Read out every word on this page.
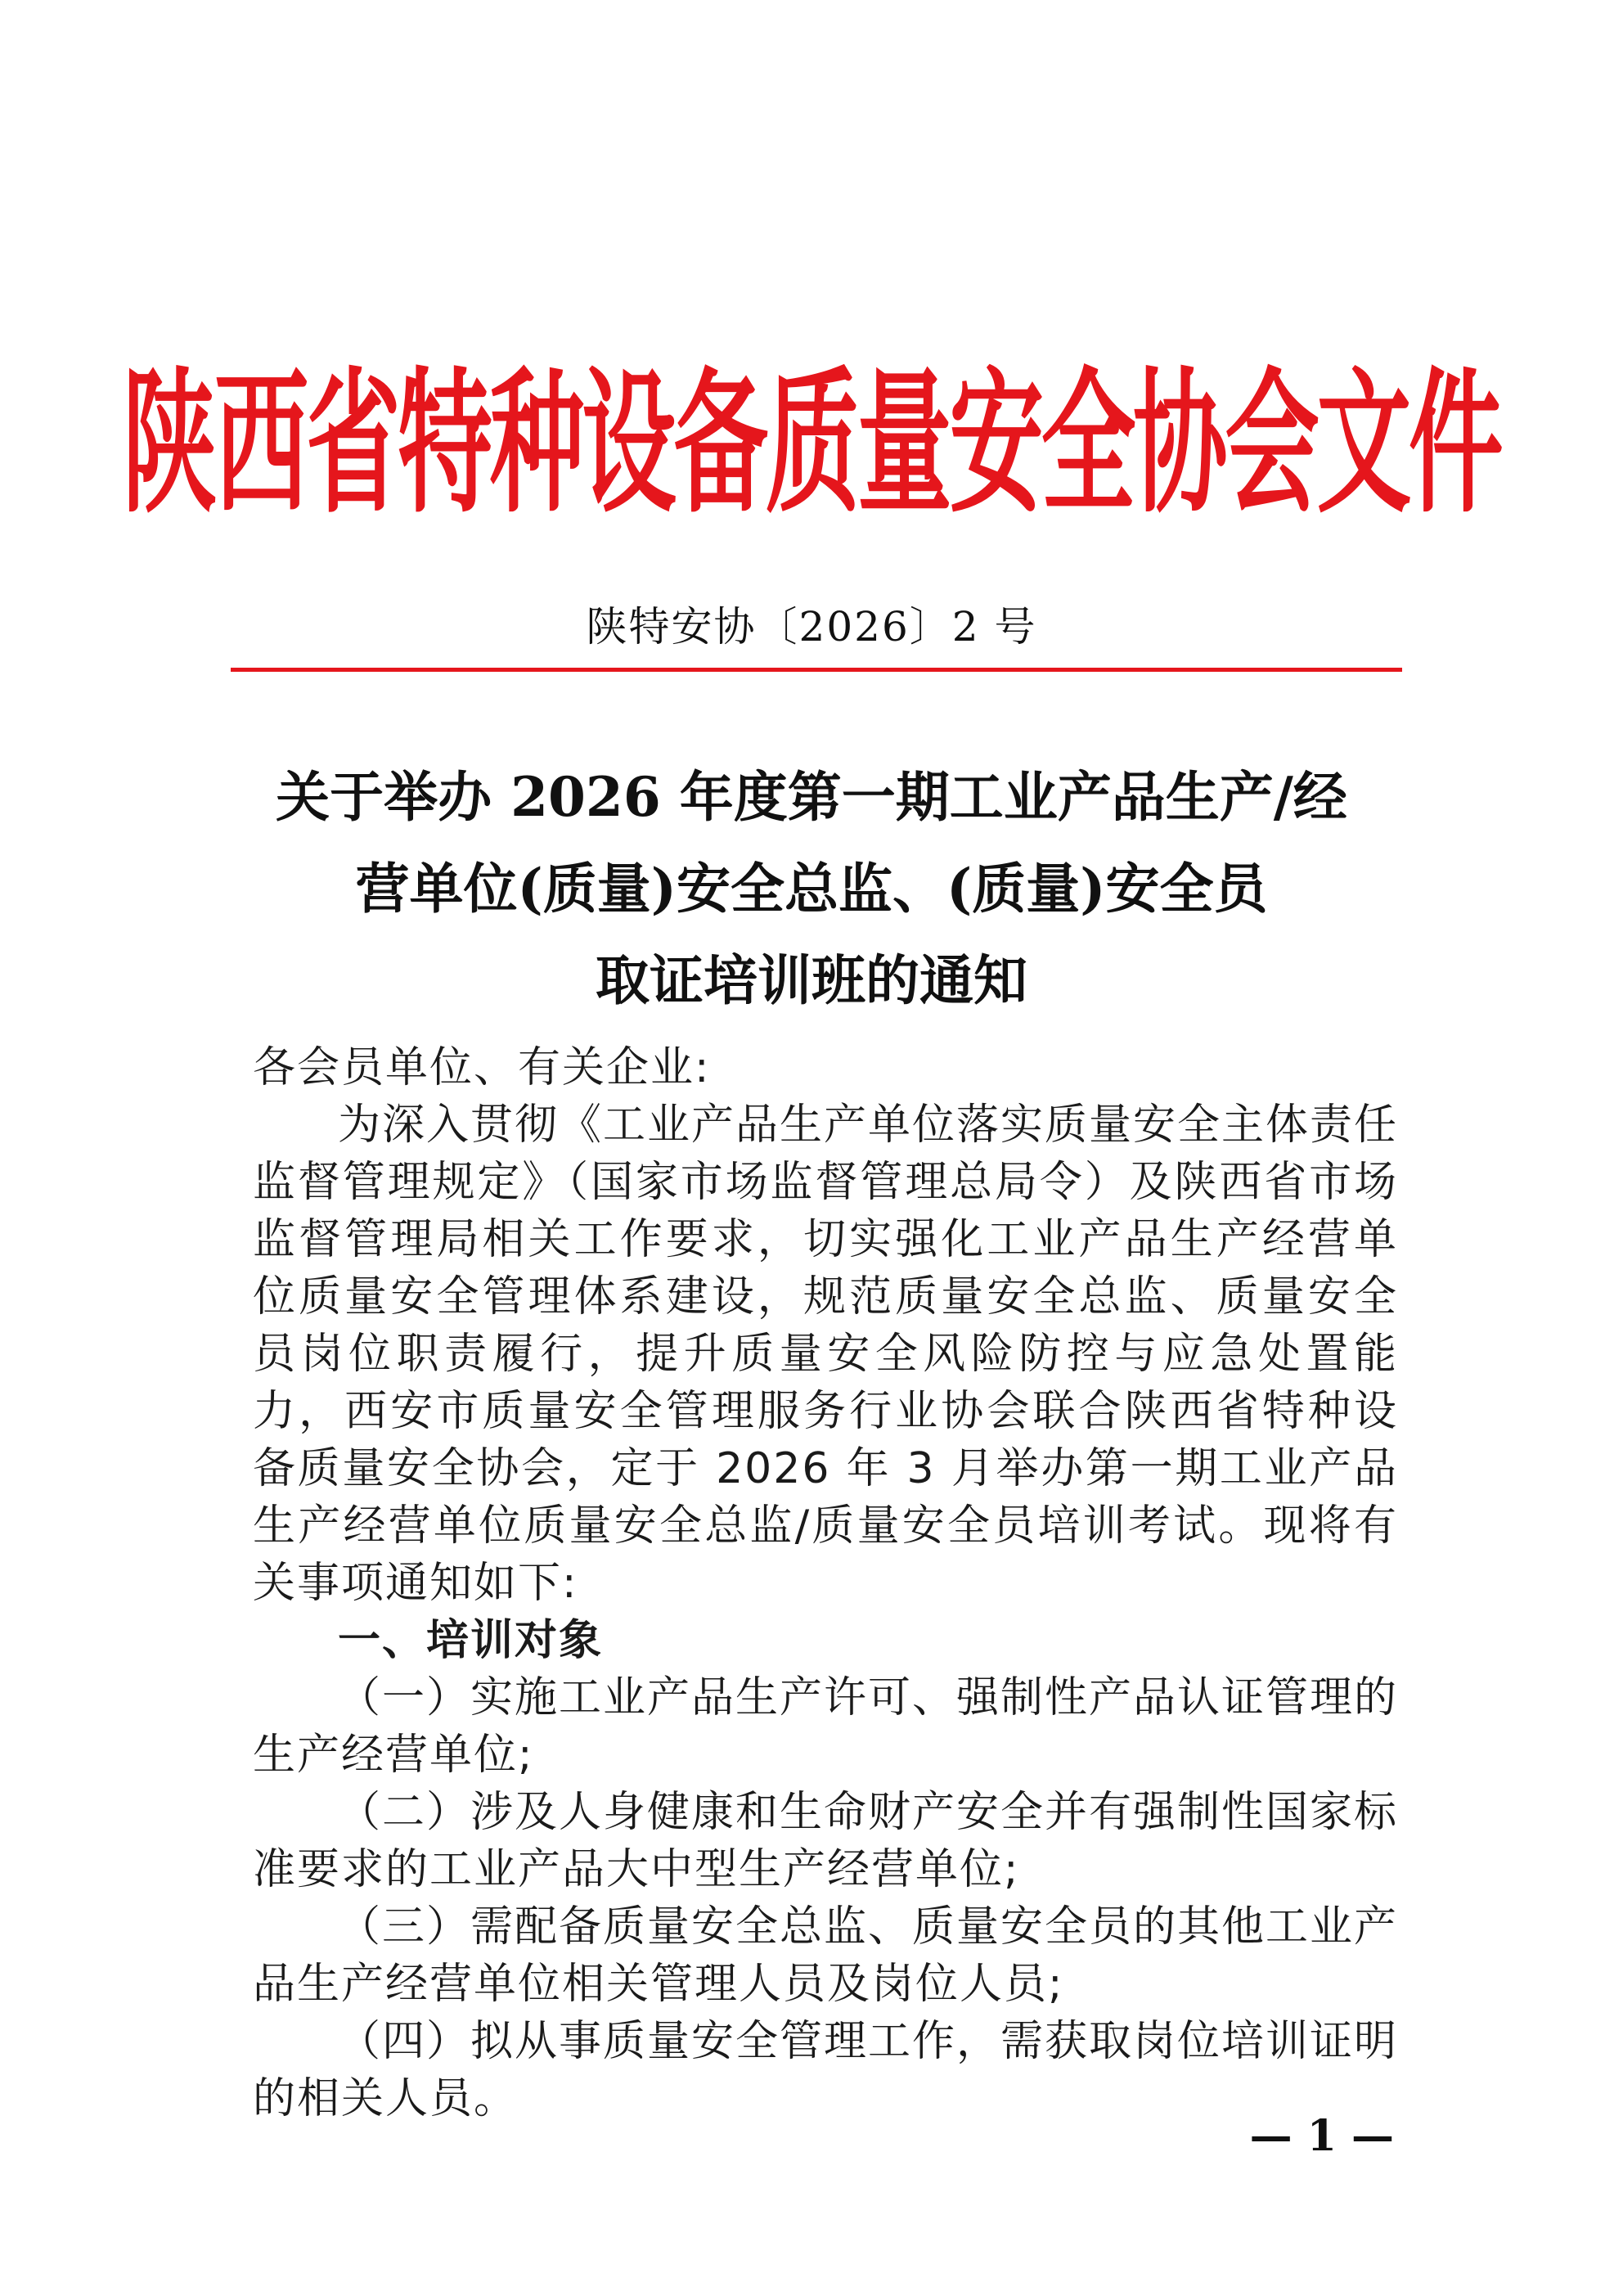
陕西省特种设备质量安全协会文件
陕特安协〔2026〕2 号
关于举办 2026 年度第一期工业产品生产/经
营单位(质量)安全总监、(质量)安全员
取证培训班的通知
各会员单位、有关企业:
为深入贯彻《工业产品生产单位落实质量安全主体责任监督管理规定》（国家市场监督管理总局令）及陕西省市场监督管理局相关工作要求，切实强化工业产品生产经营单位质量安全管理体系建设，规范质量安全总监、质量安全员岗位职责履行，提升质量安全风险防控与应急处置能力，西安市质量安全管理服务行业协会联合陕西省特种设备质量安全协会，定于 2026 年 3 月举办第一期工业产品生产经营单位质量安全总监/质量安全员培训考试。现将有关事项通知如下:
一、培训对象
（一）实施工业产品生产许可、强制性产品认证管理的生产经营单位;
（二）涉及人身健康和生命财产安全并有强制性国家标准要求的工业产品大中型生产经营单位;
（三）需配备质量安全总监、质量安全员的其他工业产品生产经营单位相关管理人员及岗位人员;
（四）拟从事质量安全管理工作，需获取岗位培训证明的相关人员。
— 1 —
